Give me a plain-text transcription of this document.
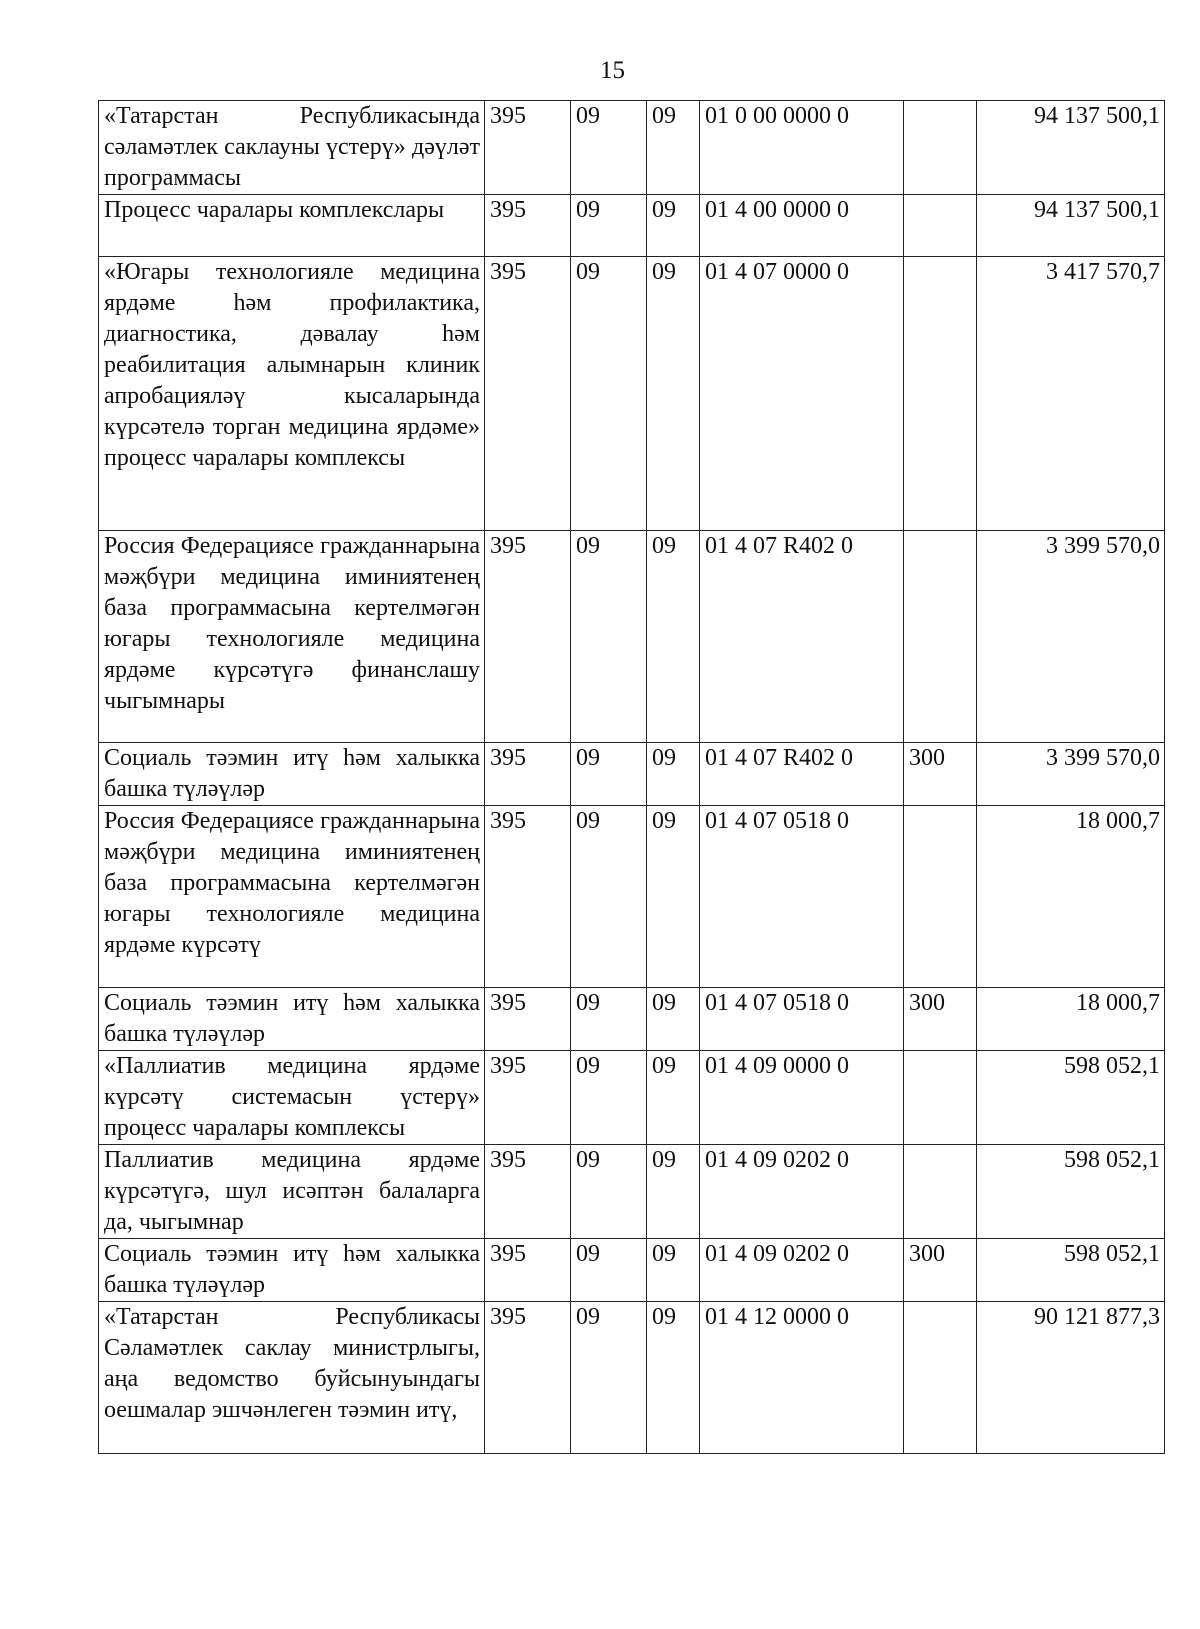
15
«Татарстан Республикасында сәламәтлек саклауны үстерү» дәүләт программасы	395	09	09	01 0 00 0000 0		94 137 500,1
Процесс чаралары комплекслары	395	09	09	01 4 00 0000 0		94 137 500,1
«Югары технологияле медицина ярдәме һәм профилактика, диагностика, дәвалау һәм реабилитация алымнарын клиник апробацияләү кысаларында күрсәтелә торган медицина ярдәме» процесс чаралары комплексы	395	09	09	01 4 07 0000 0		3 417 570,7
Россия Федерациясе гражданнарына мәҗбүри медицина иминиятенең база программасына кертелмәгән югары технологияле медицина ярдәме күрсәтүгә финанслашу чыгымнары	395	09	09	01 4 07 R402 0		3 399 570,0
Социаль тәэмин итү һәм халыкка башка түләүләр	395	09	09	01 4 07 R402 0	300	3 399 570,0
Россия Федерациясе гражданнарына мәҗбүри медицина иминиятенең база программасына кертелмәгән югары технологияле медицина ярдәме күрсәтү	395	09	09	01 4 07 0518 0		18 000,7
Социаль тәэмин итү һәм халыкка башка түләүләр	395	09	09	01 4 07 0518 0	300	18 000,7
«Паллиатив медицина ярдәме күрсәтү системасын үстерү» процесс чаралары комплексы	395	09	09	01 4 09 0000 0		598 052,1
Паллиатив медицина ярдәме күрсәтүгә, шул исәптән балаларга да, чыгымнар	395	09	09	01 4 09 0202 0		598 052,1
Социаль тәэмин итү һәм халыкка башка түләүләр	395	09	09	01 4 09 0202 0	300	598 052,1
«Татарстан Республикасы Сәламәтлек саклау министрлыгы, аңа ведомство буйсынуындагы оешмалар эшчәнлеген тәэмин итү,	395	09	09	01 4 12 0000 0		90 121 877,3
